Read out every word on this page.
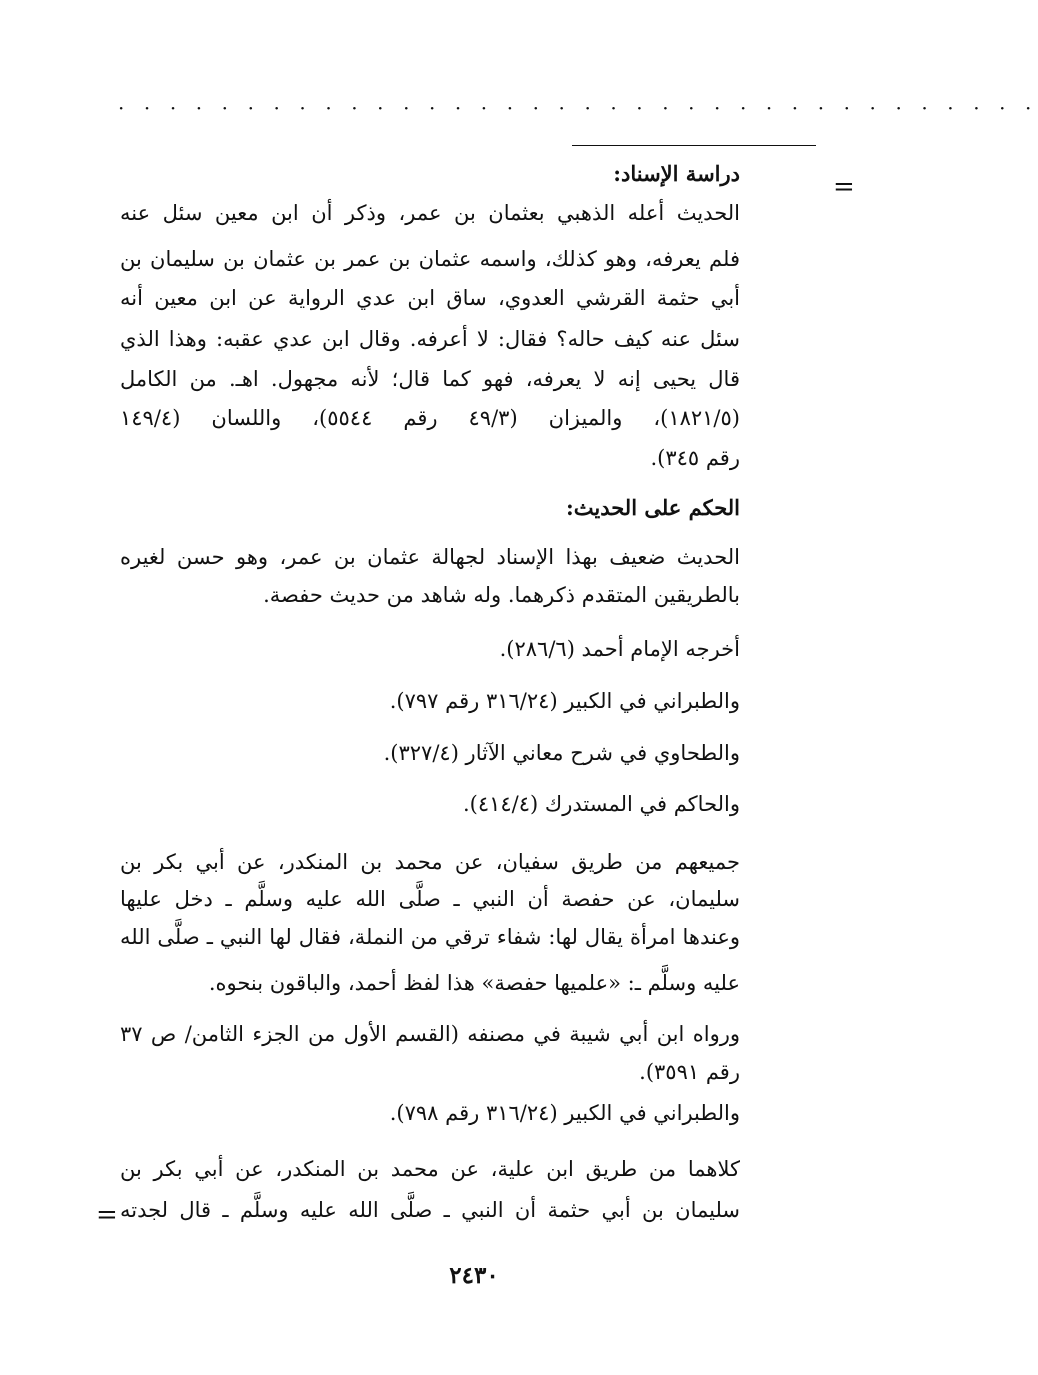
· · · · · · · · · · · · · · · · · · · · · · · · · · · · · · · · · · · ·
=

دراسة الإسناد:

الحديث أعله الذهبي بعثمان بن عمر، وذكر أن ابن معين سئل عنه

فلم يعرفه، وهو كذلك، واسمه عثمان بن عمر بن عثمان بن سليمان بن

أبي حثمة القرشي العدوي، ساق ابن عدي الرواية عن ابن معين أنه

سئل عنه كيف حاله؟ فقال: لا أعرفه. وقال ابن عدي عقبه: وهذا الذي

قال يحيى إنه لا يعرفه، فهو كما قال؛ لأنه مجهول. اهـ. من الكامل

(١٨٢١/٥)، والميزان (٤٩/٣ رقم ٥٥٤٤)، واللسان (١٤٩/٤

رقم ٣٤٥).

الحكم على الحديث:

الحديث ضعيف بهذا الإسناد لجهالة عثمان بن عمر، وهو حسن لغيره

بالطريقين المتقدم ذكرهما. وله شاهد من حديث حفصة.

أخرجه الإمام أحمد (٢٨٦/٦).

والطبراني في الكبير (٣١٦/٢٤ رقم ٧٩٧).

والطحاوي في شرح معاني الآثار (٣٢٧/٤).

والحاكم في المستدرك (٤١٤/٤).

جميعهم من طريق سفيان، عن محمد بن المنكدر، عن أبي بكر بن

سليمان، عن حفصة أن النبي ـ صلَّى الله عليه وسلَّم ـ دخل عليها

وعندها امرأة يقال لها: شفاء ترقي من النملة، فقال لها النبي ـ صلَّى الله

عليه وسلَّم ـ: «علميها حفصة» هذا لفظ أحمد، والباقون بنحوه.

ورواه ابن أبي شيبة في مصنفه (القسم الأول من الجزء الثامن/ ص ٣٧

رقم ٣٥٩١).

والطبراني في الكبير (٣١٦/٢٤ رقم ٧٩٨).

كلاهما من طريق ابن علية، عن محمد بن المنكدر، عن أبي بكر بن

سليمان بن أبي حثمة أن النبي ـ صلَّى الله عليه وسلَّم ـ قال لجدته

=
٢٤٣٠
